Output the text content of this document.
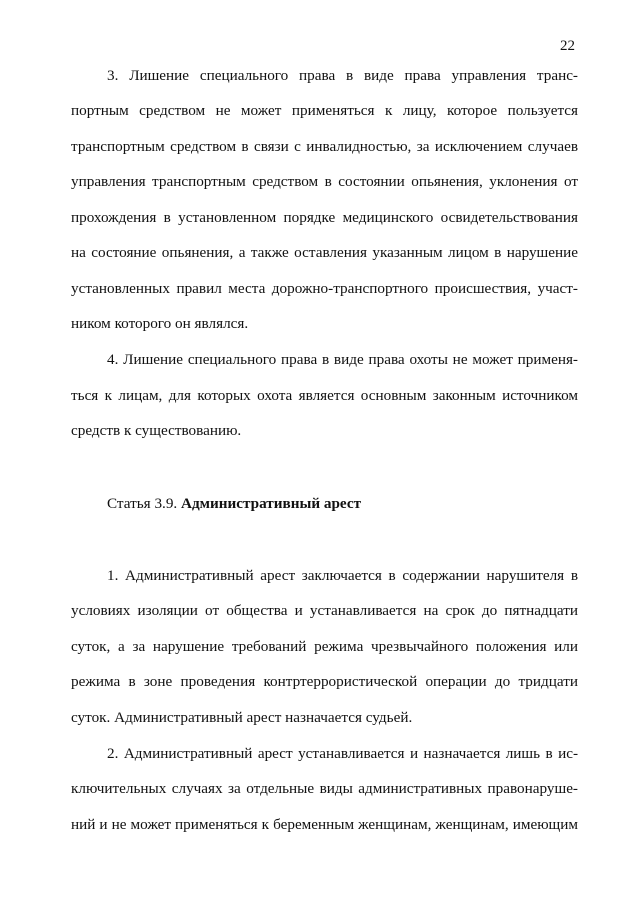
22
3. Лишение специального права в виде права управления транс-
портным средством не может применяться к лицу, которое пользуется
транспортным средством в связи с инвалидностью, за исключением случаев
управления транспортным средством в состоянии опьянения, уклонения от
прохождения в установленном порядке медицинского освидетельствования
на состояние опьянения, а также оставления указанным лицом в нарушение
установленных правил места дорожно-транспортного происшествия, участ-
ником которого он являлся.
4. Лишение специального права в виде права охоты не может применя-
ться к лицам, для которых охота является основным законным источником
средств к существованию.
Статья 3.9. Административный арест
1. Административный арест заключается в содержании нарушителя в
условиях изоляции от общества и устанавливается на срок до пятнадцати
суток, а за нарушение требований режима чрезвычайного положения или
режима в зоне проведения контртеррористической операции до тридцати
суток. Административный арест назначается судьей.
2. Административный арест устанавливается и назначается лишь в ис-
ключительных случаях за отдельные виды административных правонаруше-
ний и не может применяться к беременным женщинам, женщинам, имеющим
